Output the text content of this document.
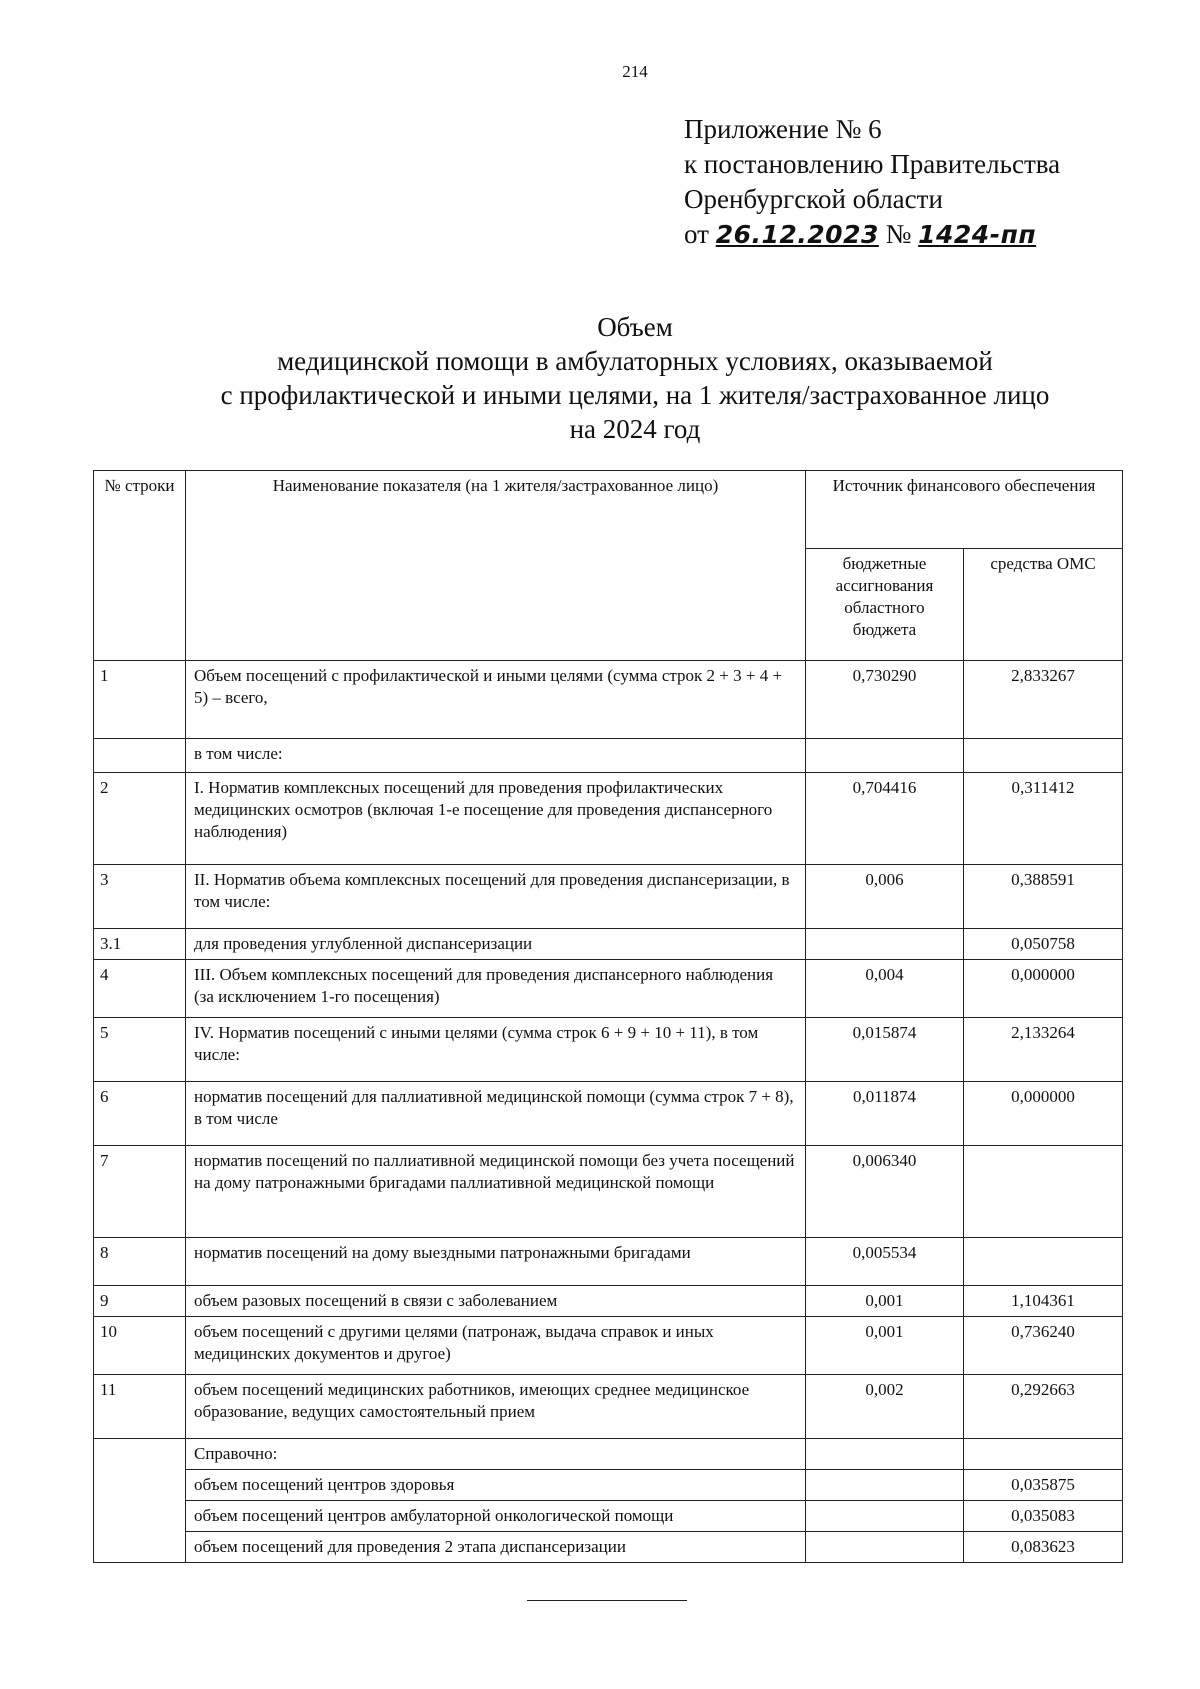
214
Приложение № 6
к постановлению Правительства
Оренбургской области
от 26.12.2023 № 1424-пп
Объем
медицинской помощи в амбулаторных условиях, оказываемой
с профилактической и иными целями, на 1 жителя/застрахованное лицо
на 2024 год
№ строки	Наименование показателя (на 1 жителя/застрахованное лицо)	Источник финансового обеспечения	
		бюджетные ассигнования областного бюджета	средства ОМС
1	Объем посещений с профилактической и иными целями (сумма строк 2 + 3 + 4 + 5) – всего,	0,730290	2,833267
	в том числе:		
2	I. Норматив комплексных посещений для проведения профилактических медицинских осмотров (включая 1-е посещение для проведения диспансерного наблюдения)	0,704416	0,311412
3	II. Норматив объема комплексных посещений для проведения диспансеризации, в том числе:	0,006	0,388591
3.1	для проведения углубленной диспансеризации		0,050758
4	III. Объем комплексных посещений для проведения диспансерного наблюдения (за исключением 1-го посещения)	0,004	0,000000
5	IV. Норматив посещений с иными целями (сумма строк 6 + 9 + 10 + 11), в том числе:	0,015874	2,133264
6	норматив посещений для паллиативной медицинской помощи (сумма строк 7 + 8), в том числе	0,011874	0,000000
7	норматив посещений по паллиативной медицинской помощи без учета посещений на дому патронажными бригадами паллиативной медицинской помощи	0,006340	
8	норматив посещений на дому выездными патронажными бригадами	0,005534	
9	объем разовых посещений в связи с заболеванием	0,001	1,104361
10	объем посещений с другими целями (патронаж, выдача справок и иных медицинских документов и другое)	0,001	0,736240
11	объем посещений медицинских работников, имеющих среднее медицинское образование, ведущих самостоятельный прием	0,002	0,292663
	Справочно:		
	объем посещений центров здоровья		0,035875
	объем посещений центров амбулаторной онкологической помощи		0,035083
	объем посещений для проведения 2 этапа диспансеризации		0,083623
